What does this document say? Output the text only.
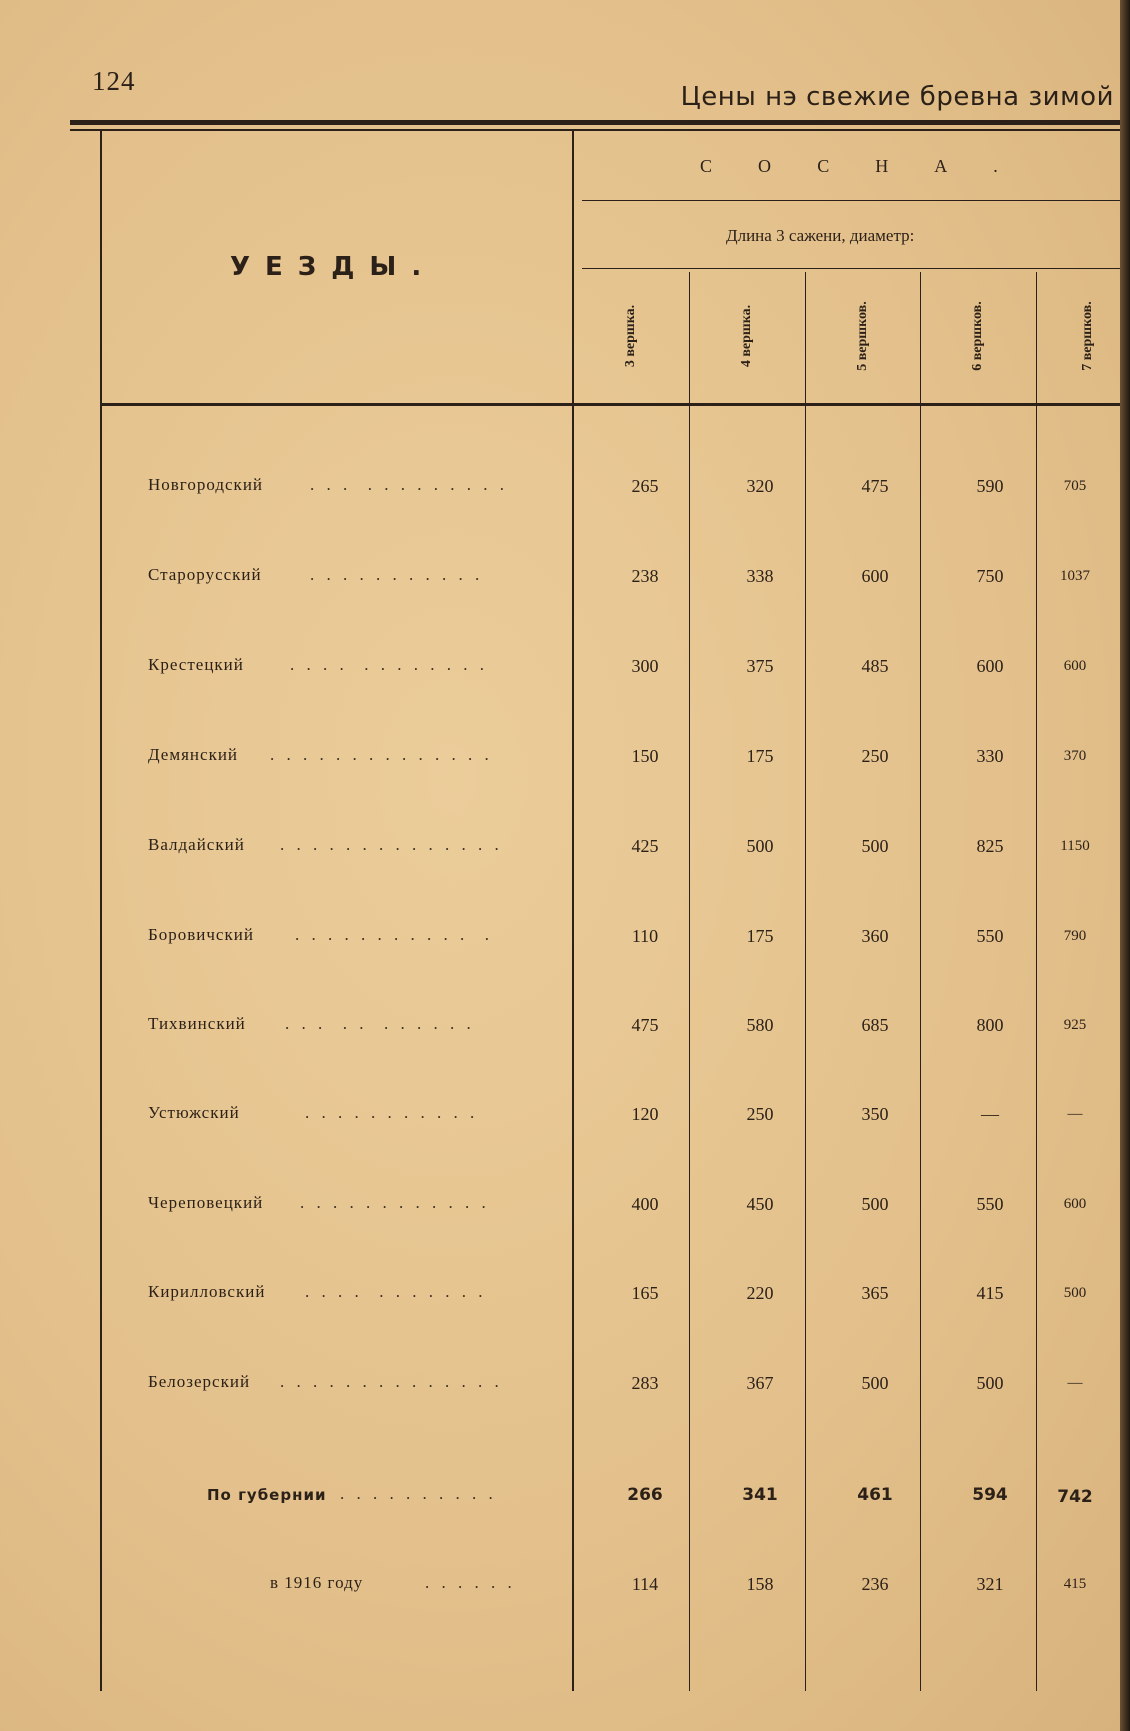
124
Цены нэ свежие бревна зимой
УЕЗДЫ.
СОСНА.
Длина 3 сажени, диаметр:
3 вершка.	4 вершка.	5 вершков.	6 вершков.	7 вершков.
Новгородский	. . .  . . . . . . . . .	265	320	475	590	705
Старорусский	. . . . . . . . . . .	238	338	600	750	1037
Крестецкий	. . . .  . . . . . . . .	300	375	485	600	600
Демянский . . . . . . . . . . . . . .	150	175	250	330	370
Валдайский . . . . . . . . . . . . . .	425	500	500	825	1150
Боровичский . . . . . . . . . . .  .	110	175	360	550	790
Тихвинский . . .  . .  . . . . . .	475	580	685	800	925
Устюжский	. . . . . . . . . . .	120	250	350	—	—
Череповецкий . . . . . . . . . . . .	400	450	500	550	600
Кирилловский . . . .  . . . . . . .	165	220	365	415	500
Белозерский . . . . . . . . . . . . . .	283	367	500	500	—
По губернии . . . . . . . . . .	266	341	461	594	742
в 1916 году	. . . . . .	114	158	236	321	415
